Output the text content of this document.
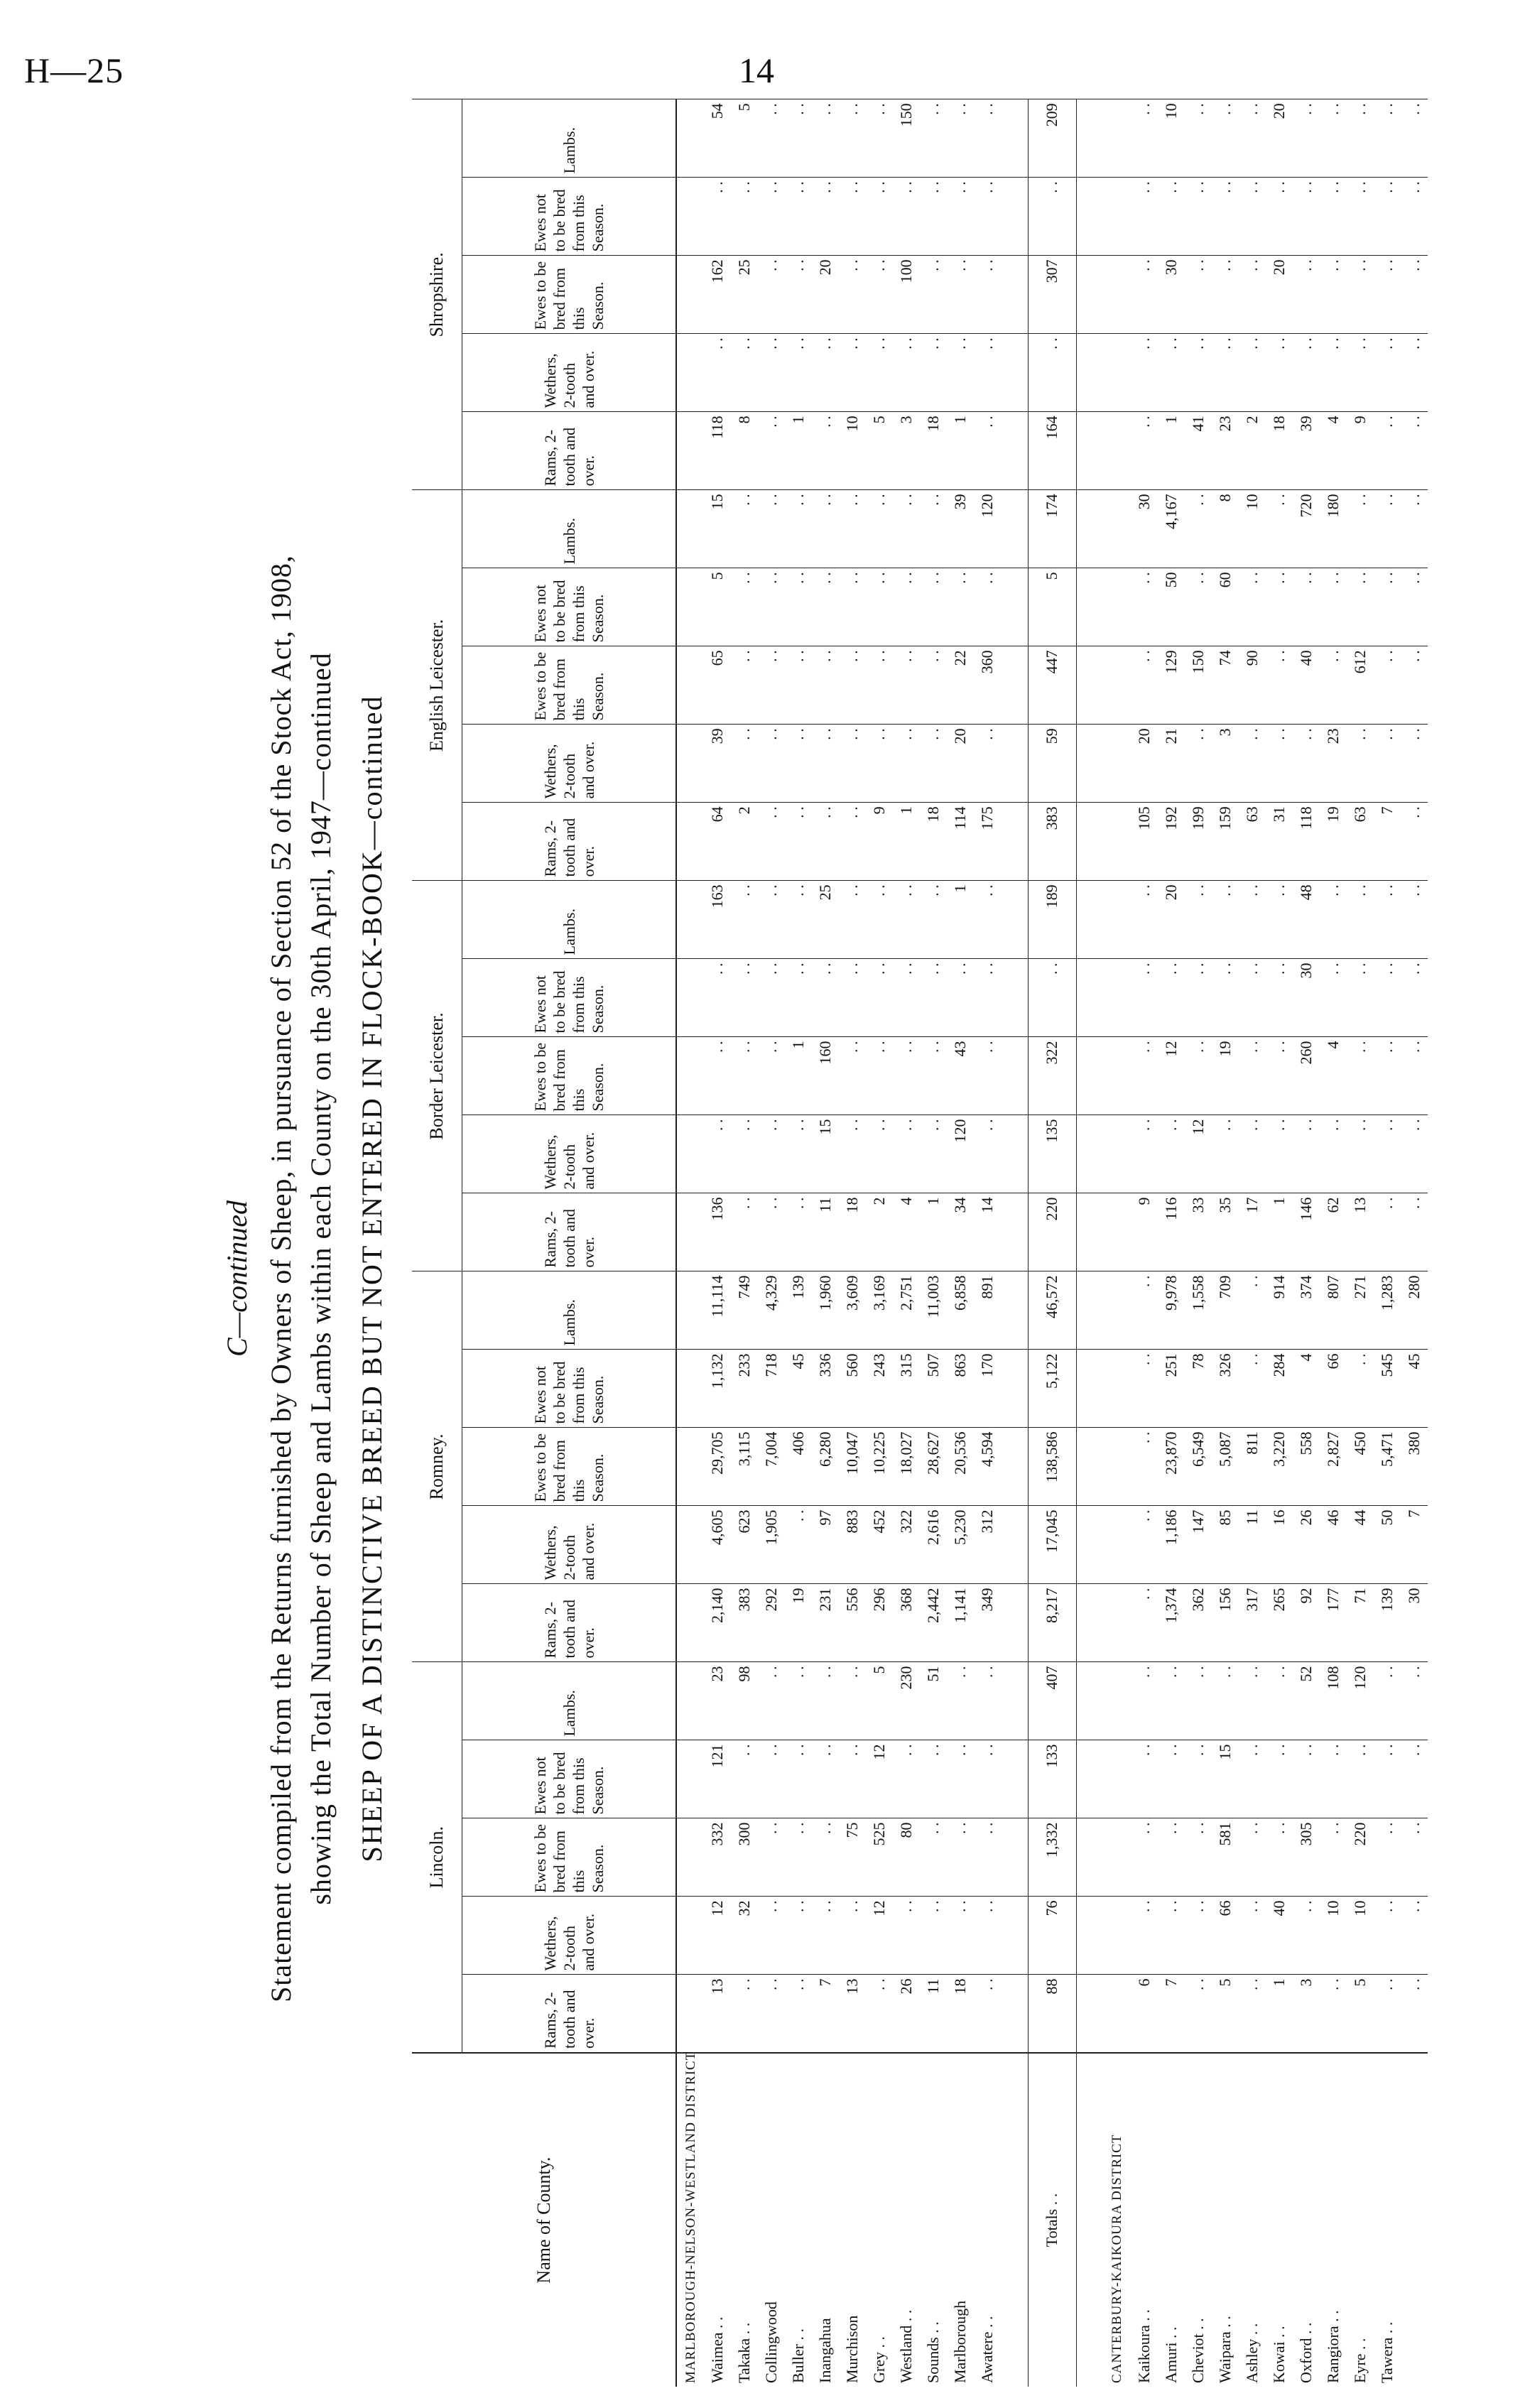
H—25	14
C—continued Statement compiled from the Returns furnished by Owners of Sheep, in pursuance of Section 52 of the Stock Act, 1908, showing the Total Number of Sheep and Lambs within each County on the 30th April, 1947—continued SHEEP OF A DISTINCTIVE BREED BUT NOT ENTERED IN FLOCK-BOOK—continued
Name of County.	Lincoln.					Romney.					Border Leicester.					English Leicester.					Shropshire.				
	Rams, 2-tooth and over.	Wethers, 2-tooth and over.	Ewes to be bred from this Season.	Ewes not to be bred from this Season.	Lambs.	Rams, 2-tooth and over.	Wethers, 2-tooth and over.	Ewes to be bred from this Season.	Ewes not to be bred from this Season.	Lambs.	Rams, 2-tooth and over.	Wethers, 2-tooth and over.	Ewes to be bred from this Season.	Ewes not to be bred from this Season.	Lambs.	Rams, 2-tooth and over.	Wethers, 2-tooth and over.	Ewes to be bred from this Season.	Ewes not to be bred from this Season.	Lambs.	Rams, 2-tooth and over.	Wethers, 2-tooth and over.	Ewes to be bred from this Season.	Ewes not to be bred from this Season.	Lambs.
MARLBOROUGH-NELSON-WESTLAND DISTRICT																									
Waimea . .	13	12	332	121	23	2,140	4,605	29,705	1,132	11,114	136	. .	. .	. .	163	64	39	65	5	15	118	. .	162	. .	54
Takaka . .	. .	32	300	. .	98	383	623	3,115	233	749	. .	. .	. .	. .	. .	2	. .	. .	. .	. .	8	. .	25	. .	5
Collingwood	. .	. .	. .	. .	. .	292	1,905	7,004	718	4,329	. .	. .	. .	. .	. .	. .	. .	. .	. .	. .	. .	. .	. .	. .	. .
Buller . .	. .	. .	. .	. .	. .	19	. .	406	45	139	. .	. .	1	. .	. .	. .	. .	. .	. .	. .	1	. .	. .	. .	. .
Inangahua	7	. .	. .	. .	. .	231	97	6,280	336	1,960	11	15	160	. .	25	. .	. .	. .	. .	. .	. .	. .	20	. .	. .
Murchison	13	. .	75	. .	. .	556	883	10,047	560	3,609	18	. .	. .	. .	. .	. .	. .	. .	. .	. .	10	. .	. .	. .	. .
Grey . .	. .	12	525	12	5	296	452	10,225	243	3,169	2	. .	. .	. .	. .	9	. .	. .	. .	. .	5	. .	. .	. .	. .
Westland . .	26	. .	80	. .	230	368	322	18,027	315	2,751	4	. .	. .	. .	. .	1	. .	. .	. .	. .	3	. .	100	. .	150
Sounds . .	11	. .	. .	. .	51	2,442	2,616	28,627	507	11,003	1	. .	. .	. .	. .	18	. .	. .	. .	. .	18	. .	. .	. .	. .
Marlborough	18	. .	. .	. .	. .	1,141	5,230	20,536	863	6,858	34	120	43	. .	1	114	20	22	. .	39	1	. .	. .	. .	. .
Awatere . .	. .	. .	. .	. .	. .	349	312	4,594	170	891	14	. .	. .	. .	. .	175	. .	360	. .	120	. .	. .	. .	. .	. .

Totals . .	88	76	1,332	133	407	8,217	17,045	138,586	5,122	46,572	220	135	322	. .	189	383	59	447	5	174	164	. .	307	. .	209

CANTERBURY-KAIKOURA DISTRICT																									
Kaikoura . .	6	. .	. .	. .	. .	. .	. .	. .	. .	. .	9	. .	. .	. .	. .	105	20	. .	. .	30	. .	. .	. .	. .	. .
Amuri . .	7	. .	. .	. .	. .	1,374	1,186	23,870	251	9,978	116	. .	12	. .	20	192	21	129	50	4,167	1	. .	30	. .	10
Cheviot . .	. .	. .	. .	. .	. .	362	147	6,549	78	1,558	33	12	. .	. .	. .	199	. .	150	. .	. .	41	. .	. .	. .	. .
Waipara . .	5	66	581	15	. .	156	85	5,087	326	709	35	. .	19	. .	. .	159	3	74	60	8	23	. .	. .	. .	. .
Ashley . .	. .	. .	. .	. .	. .	317	11	811	. .	. .	17	. .	. .	. .	. .	63	. .	90	. .	10	2	. .	. .	. .	. .
Kowai . .	1	40	. .	. .	. .	265	16	3,220	284	914	1	. .	. .	. .	. .	31	. .	. .	. .	. .	18	. .	20	. .	20
Oxford . .	3	. .	305	. .	52	92	26	558	4	374	146	. .	260	30	48	118	. .	40	. .	720	39	. .	. .	. .	. .
Rangiora . .	. .	10	. .	. .	108	177	46	2,827	66	807	62	. .	4	. .	. .	19	23	. .	. .	180	4	. .	. .	. .	. .
Eyre . .	5	10	220	. .	120	71	44	450	. .	271	13	. .	. .	. .	. .	63	. .	612	. .	. .	9	. .	. .	. .	. .
Tawera . .	. .	. .	. .	. .	. .	139	50	5,471	545	1,283	. .	. .	. .	. .	. .	7	. .	. .	. .	. .	. .	. .	. .	. .	. .
	. .	. .	. .	. .	. .	30	7	380	45	280	. .	. .	. .	. .	. .	. .	. .	. .	. .	. .	. .	. .	. .	. .	. .
